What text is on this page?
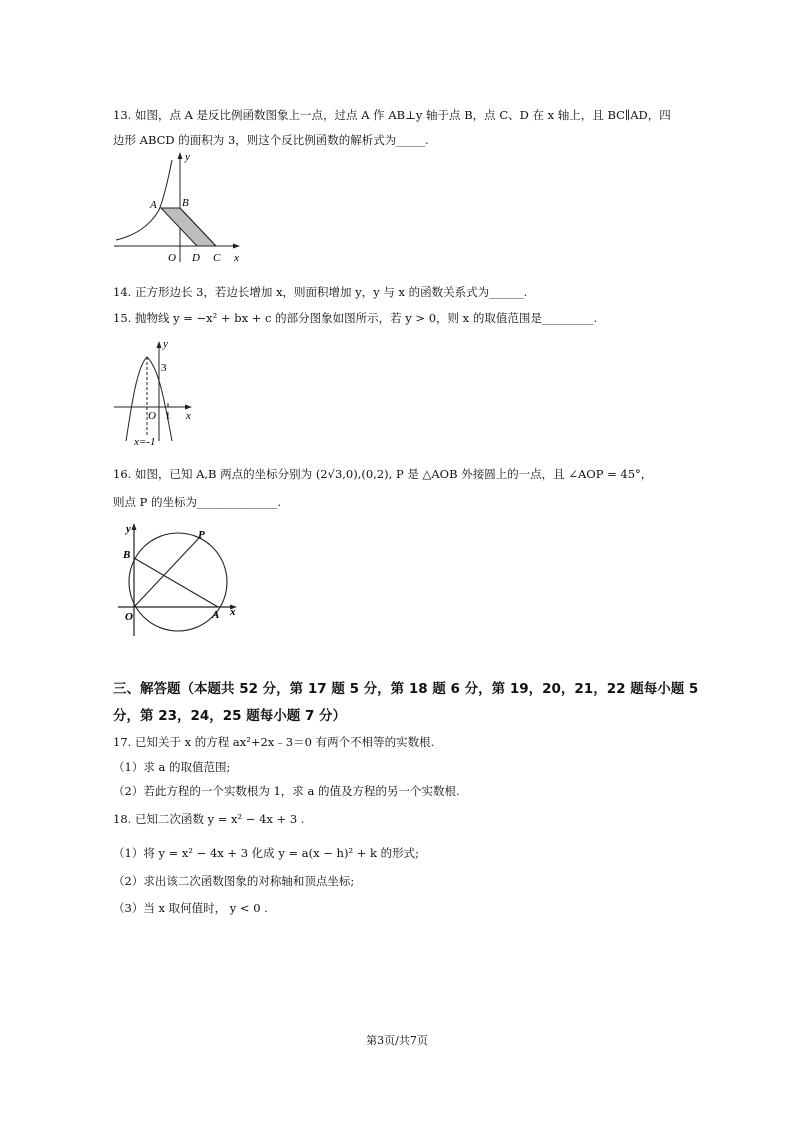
13. 如图，点 A 是反比例函数图象上一点，过点 A 作 AB⊥y 轴于点 B，点 C、D 在 x 轴上，且 BC∥AD，四
边形 ABCD 的面积为 3，则这个反比例函数的解析式为_____.
y
A B
O D C x
14. 正方形边长 3，若边长增加 x，则面积增加 y，y 与 x 的函数关系式为______.
15. 抛物线 y = −x² + bx + c 的部分图象如图所示，若 y > 0，则 x 的取值范围是_________.
y
3
O 1 x
x=-1
16. 如图，已知 A,B 两点的坐标分别为 (2√3,0),(0,2), P 是 △AOB 外接圆上的一点，且 ∠AOP = 45°，
则点 P 的坐标为______________.
y
B
P
O	A x
三、解答题（本题共 52 分，第 17 题 5 分，第 18 题 6 分，第 19，20，21，22 题每小题 5
分，第 23，24，25 题每小题 7 分）
17. 已知关于 x 的方程 ax²+2x﹣3＝0 有两个不相等的实数根.
（1）求 a 的取值范围;
（2）若此方程的一个实数根为 1，求 a 的值及方程的另一个实数根.
18. 已知二次函数 y = x² − 4x + 3 .
（1）将 y = x² − 4x + 3 化成 y = a(x − h)² + k 的形式;
（2）求出该二次函数图象的对称轴和顶点坐标;
（3）当 x 取何值时， y < 0 .
第3页/共7页
